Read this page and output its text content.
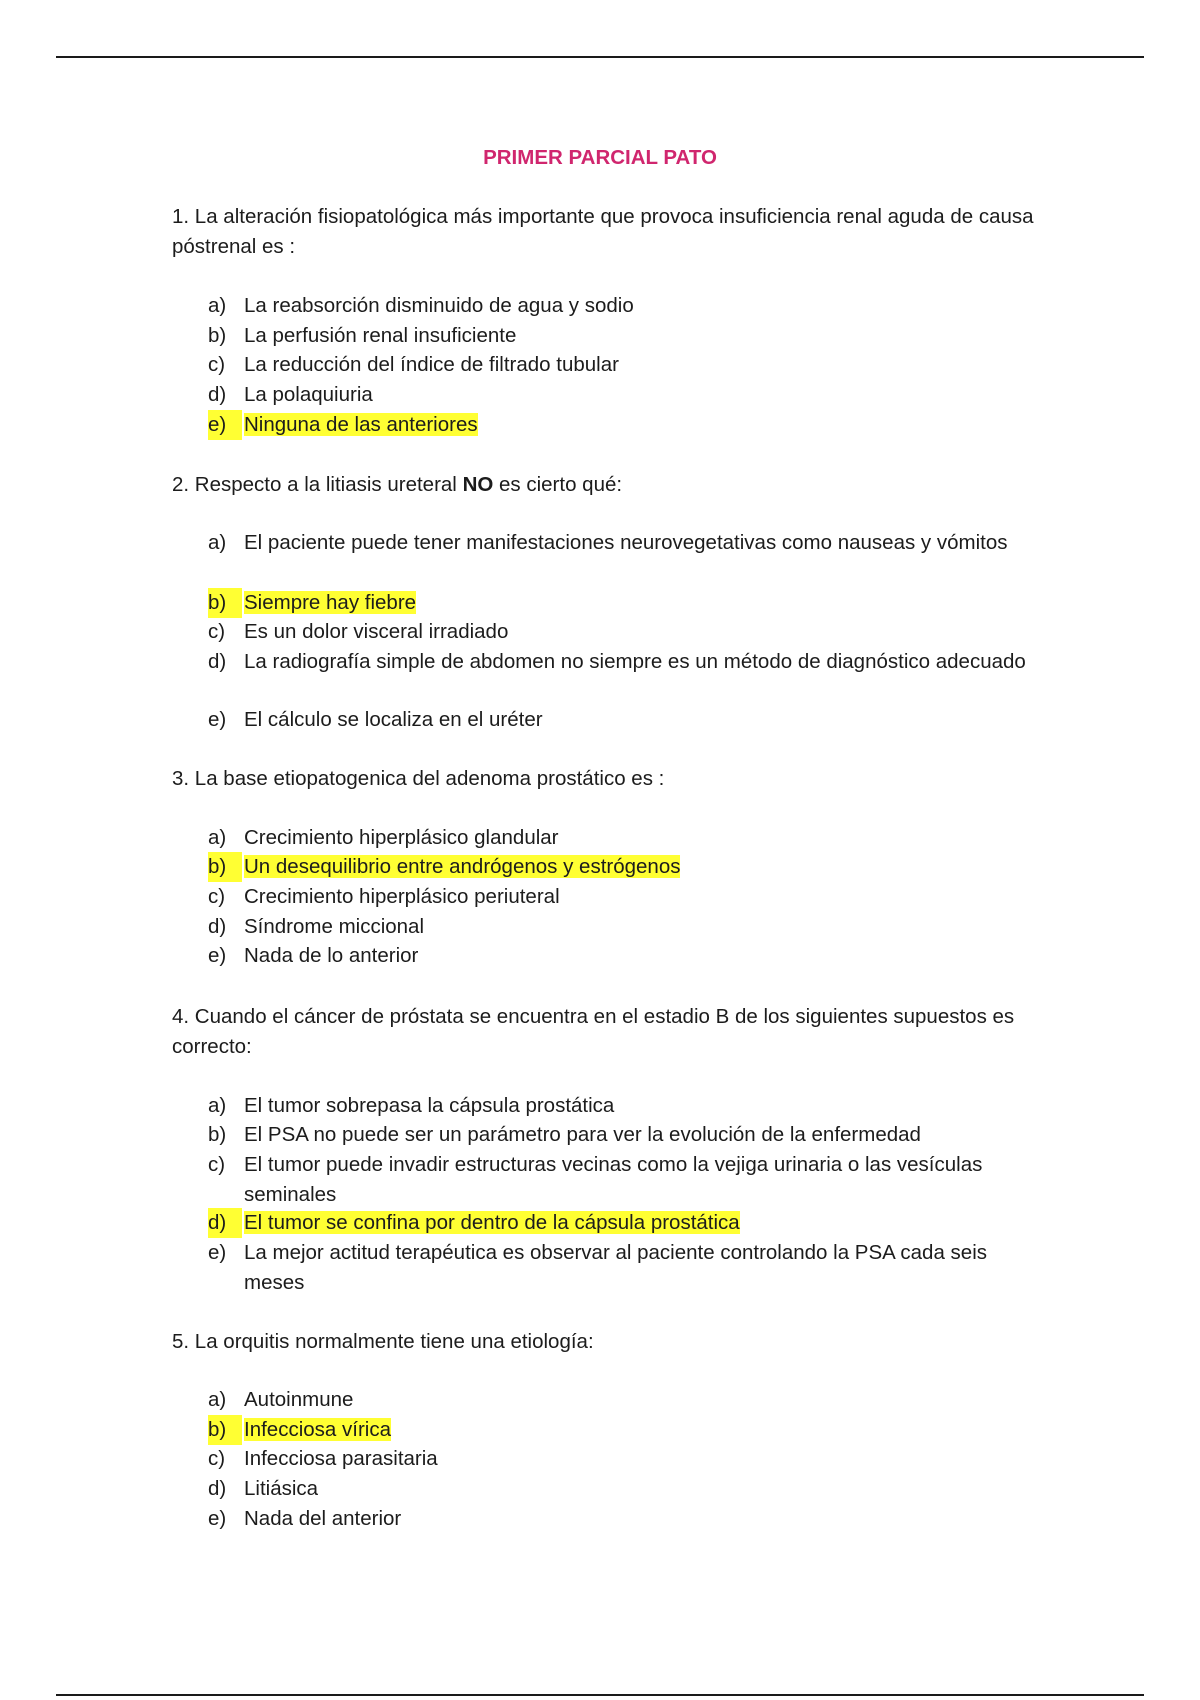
PRIMER PARCIAL PATO

1. La alteración fisiopatológica más importante que provoca insuficiencia renal aguda de causa póstrenal es :

a) La reabsorción disminuido de agua y sodio
b) La perfusión renal insuficiente
c) La reducción del índice de filtrado tubular
d) La polaquiuria
e) Ninguna de las anteriores

2. Respecto a la litiasis ureteral NO es cierto qué:

a) El paciente puede tener manifestaciones neurovegetativas como nauseas y vómitos
b) Siempre hay fiebre
c) Es un dolor visceral irradiado
d) La radiografía simple de abdomen no siempre es un método de diagnóstico adecuado
e) El cálculo se localiza en el uréter

3. La base etiopatogenica del adenoma prostático es :

a) Crecimiento hiperplásico glandular
b) Un desequilibrio entre andrógenos y estrógenos
c) Crecimiento hiperplásico periuteral
d) Síndrome miccional
e) Nada de lo anterior

4. Cuando el cáncer de próstata se encuentra en el estadio B de los siguientes supuestos es correcto:

a) El tumor sobrepasa la cápsula prostática
b) El PSA no puede ser un parámetro para ver la evolución de la enfermedad
c) El tumor puede invadir estructuras vecinas como la vejiga urinaria o las vesículas seminales
d) El tumor se confina por dentro de la cápsula prostática
e) La mejor actitud terapéutica es observar al paciente controlando la PSA cada seis meses

5. La orquitis normalmente tiene una etiología:

a) Autoinmune
b) Infecciosa vírica
c) Infecciosa parasitaria
d) Litiásica
e) Nada del anterior
